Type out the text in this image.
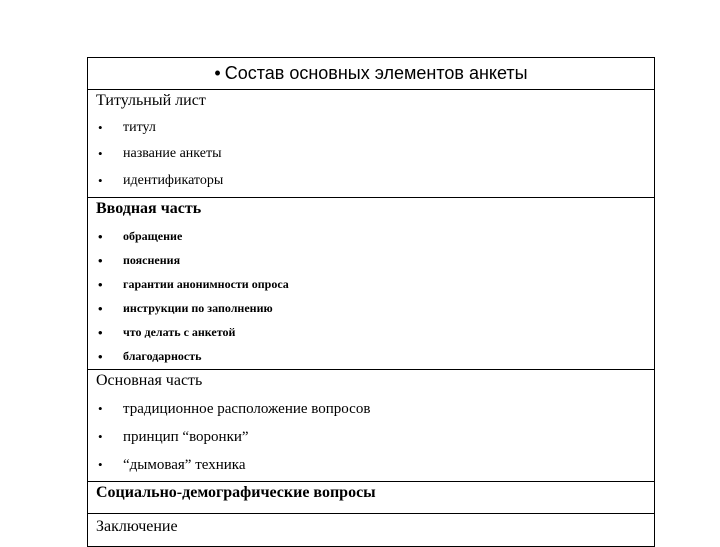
• Состав основных элементов анкеты
Титульный лист
• титул
• название анкеты
• идентификаторы
Вводная часть
• обращение
• пояснения
• гарантии анонимности опроса
• инструкции по заполнению
• что делать с анкетой
• благодарность
Основная часть
• традиционное расположение вопросов
• принцип “воронки”
• “дымовая” техника
Социально-демографические вопросы
Заключение
